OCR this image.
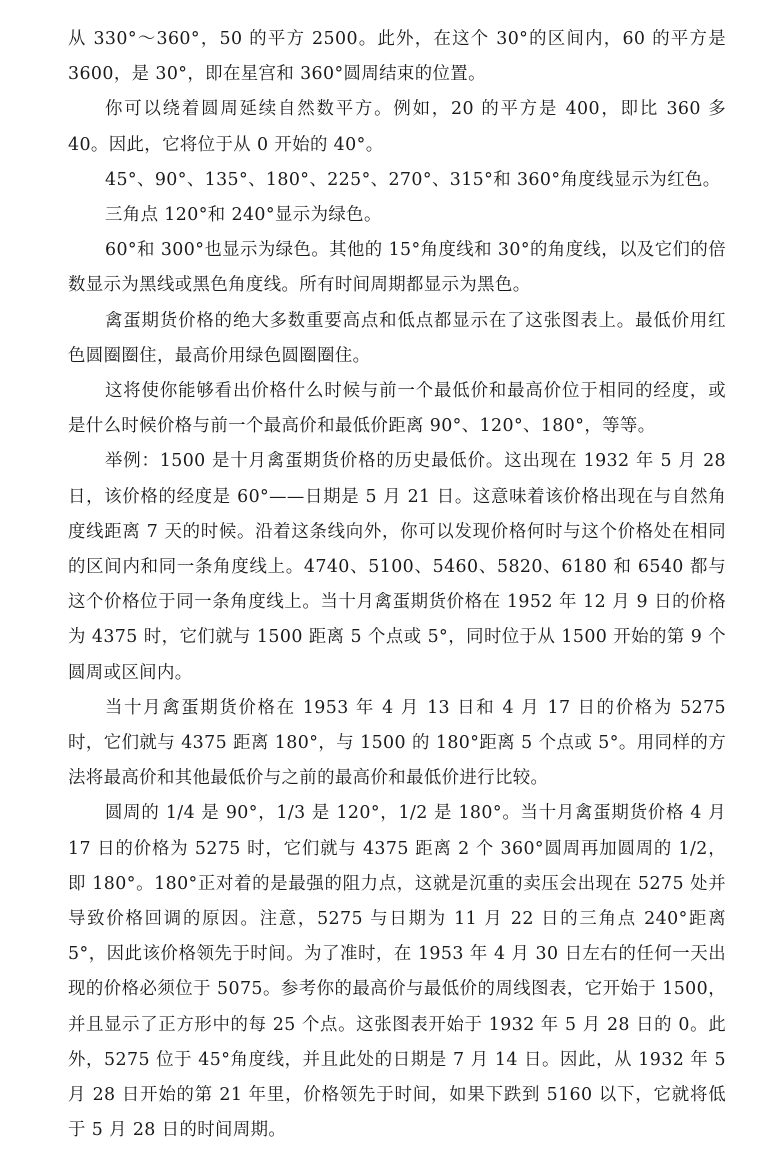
从 330°～360°，50 的平方 2500。此外，在这个 30°的区间内，60 的平方是 3600，是 30°，即在星宫和 360°圆周结束的位置。

你可以绕着圆周延续自然数平方。例如，20 的平方是 400，即比 360 多 40。因此，它将位于从 0 开始的 40°。

45°、90°、135°、180°、225°、270°、315°和 360°角度线显示为红色。

三角点 120°和 240°显示为绿色。

60°和 300°也显示为绿色。其他的 15°角度线和 30°的角度线，以及它们的倍数显示为黑线或黑色角度线。所有时间周期都显示为黑色。

禽蛋期货价格的绝大多数重要高点和低点都显示在了这张图表上。最低价用红色圆圈圈住，最高价用绿色圆圈圈住。

这将使你能够看出价格什么时候与前一个最低价和最高价位于相同的经度，或是什么时候价格与前一个最高价和最低价距离 90°、120°、180°，等等。

举例：1500 是十月禽蛋期货价格的历史最低价。这出现在 1932 年 5 月 28 日，该价格的经度是 60°——日期是 5 月 21 日。这意味着该价格出现在与自然角度线距离 7 天的时候。沿着这条线向外，你可以发现价格何时与这个价格处在相同的区间内和同一条角度线上。4740、5100、5460、5820、6180 和 6540 都与这个价格位于同一条角度线上。当十月禽蛋期货价格在 1952 年 12 月 9 日的价格为 4375 时，它们就与 1500 距离 5 个点或 5°，同时位于从 1500 开始的第 9 个圆周或区间内。

当十月禽蛋期货价格在 1953 年 4 月 13 日和 4 月 17 日的价格为 5275 时，它们就与 4375 距离 180°，与 1500 的 180°距离 5 个点或 5°。用同样的方法将最高价和其他最低价与之前的最高价和最低价进行比较。

圆周的 1/4 是 90°，1/3 是 120°，1/2 是 180°。当十月禽蛋期货价格 4 月 17 日的价格为 5275 时，它们就与 4375 距离 2 个 360°圆周再加圆周的 1/2，即 180°。180°正对着的是最强的阻力点，这就是沉重的卖压会出现在 5275 处并导致价格回调的原因。注意，5275 与日期为 11 月 22 日的三角点 240°距离 5°，因此该价格领先于时间。为了准时，在 1953 年 4 月 30 日左右的任何一天出现的价格必须位于 5075。参考你的最高价与最低价的周线图表，它开始于 1500，并且显示了正方形中的每 25 个点。这张图表开始于 1932 年 5 月 28 日的 0。此外，5275 位于 45°角度线，并且此处的日期是 7 月 14 日。因此，从 1932 年 5 月 28 日开始的第 21 年里，价格领先于时间，如果下跌到 5160 以下，它就将低于 5 月 28 日的时间周期。
